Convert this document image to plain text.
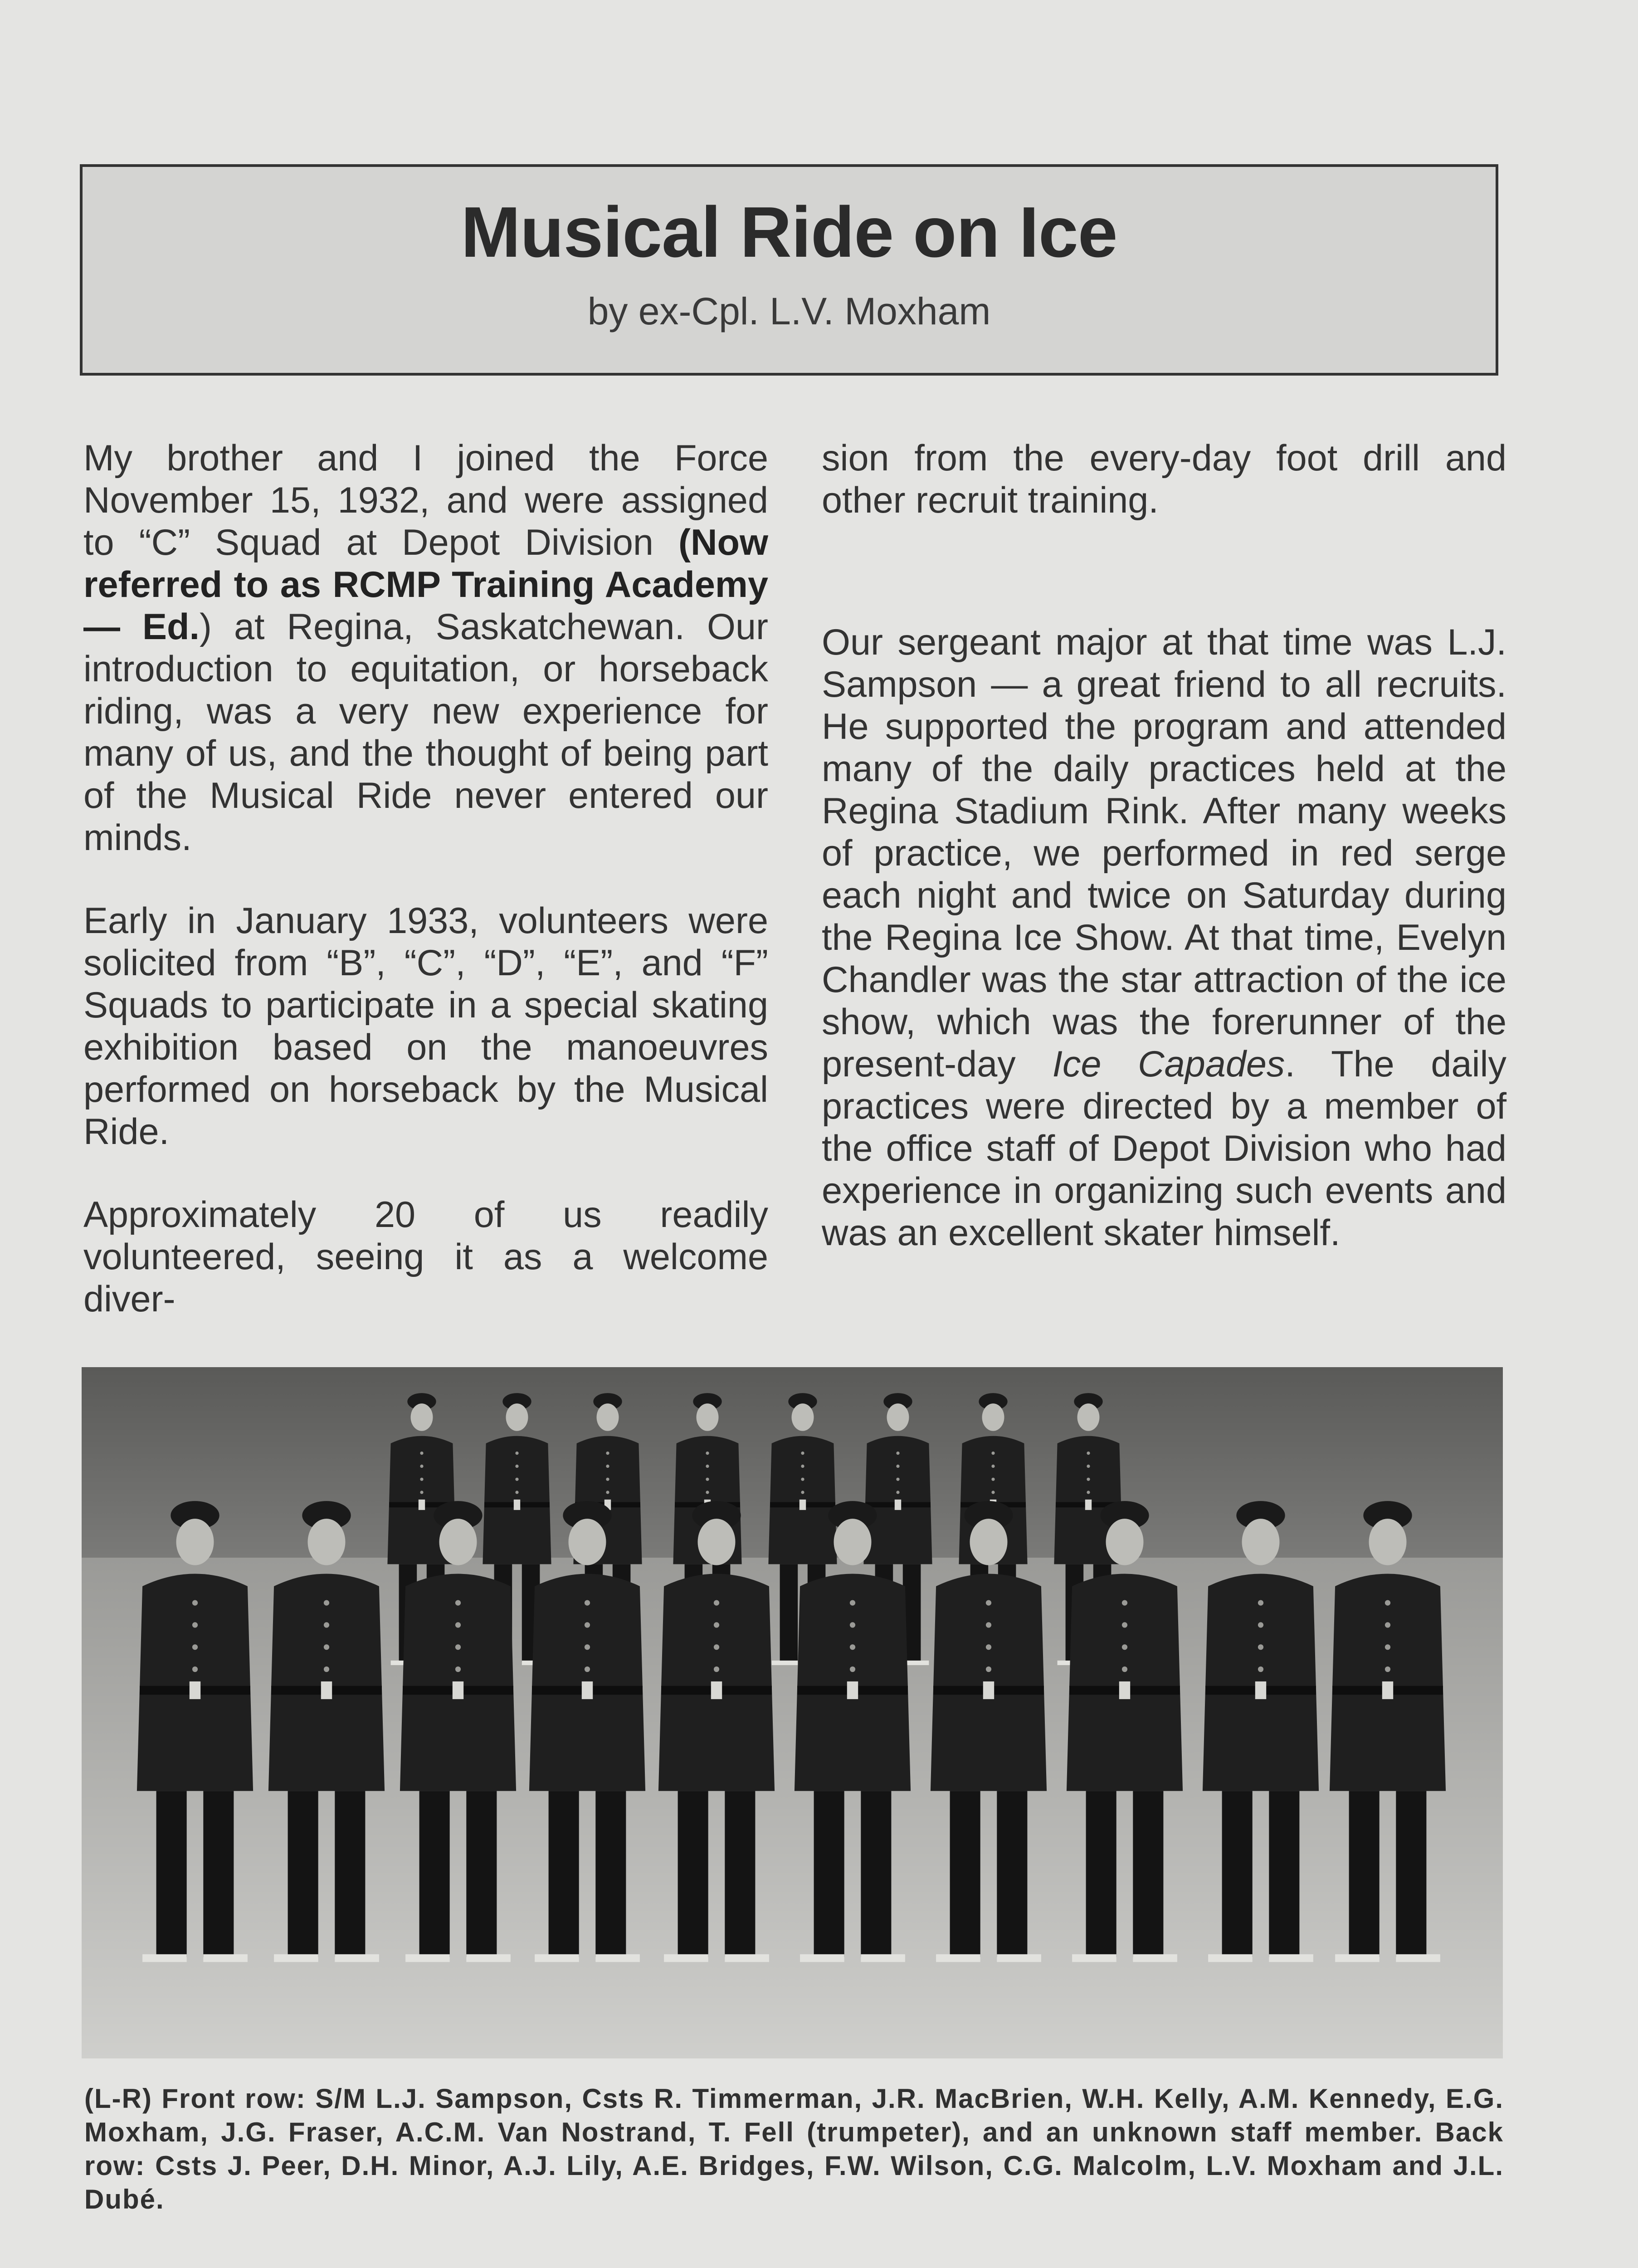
Musical Ride on Ice
by ex-Cpl. L.V. Moxham

My brother and I joined the Force November 15, 1932, and were assigned to “C” Squad at Depot Division (Now referred to as RCMP Training Academy — Ed.) at Regina, Saskatchewan. Our introduction to equitation, or horseback riding, was a very new experience for many of us, and the thought of being part of the Musical Ride never entered our minds.

Early in January 1933, volunteers were solicited from “B”, “C”, “D”, “E”, and “F” Squads to participate in a special skating exhibition based on the manoeuvres performed on horseback by the Musical Ride.

Approximately 20 of us readily volunteered, seeing it as a welcome diver-

sion from the every-day foot drill and other recruit training.

Our sergeant major at that time was L.J. Sampson — a great friend to all recruits. He supported the program and attended many of the daily practices held at the Regina Stadium Rink. After many weeks of practice, we performed in red serge each night and twice on Saturday during the Regina Ice Show. At that time, Evelyn Chandler was the star attraction of the ice show, which was the forerunner of the present-day Ice Capades. The daily practices were directed by a member of the office staff of Depot Division who had experience in organizing such events and was an excellent skater himself.

(L-R) Front row: S/M L.J. Sampson, Csts R. Timmerman, J.R. MacBrien, W.H. Kelly, A.M. Kennedy, E.G. Moxham, J.G. Fraser, A.C.M. Van Nostrand, T. Fell (trumpeter), and an unknown staff member. Back row: Csts J. Peer, D.H. Minor, A.J. Lily, A.E. Bridges, F.W. Wilson, C.G. Malcolm, L.V. Moxham and J.L. Dubé.
